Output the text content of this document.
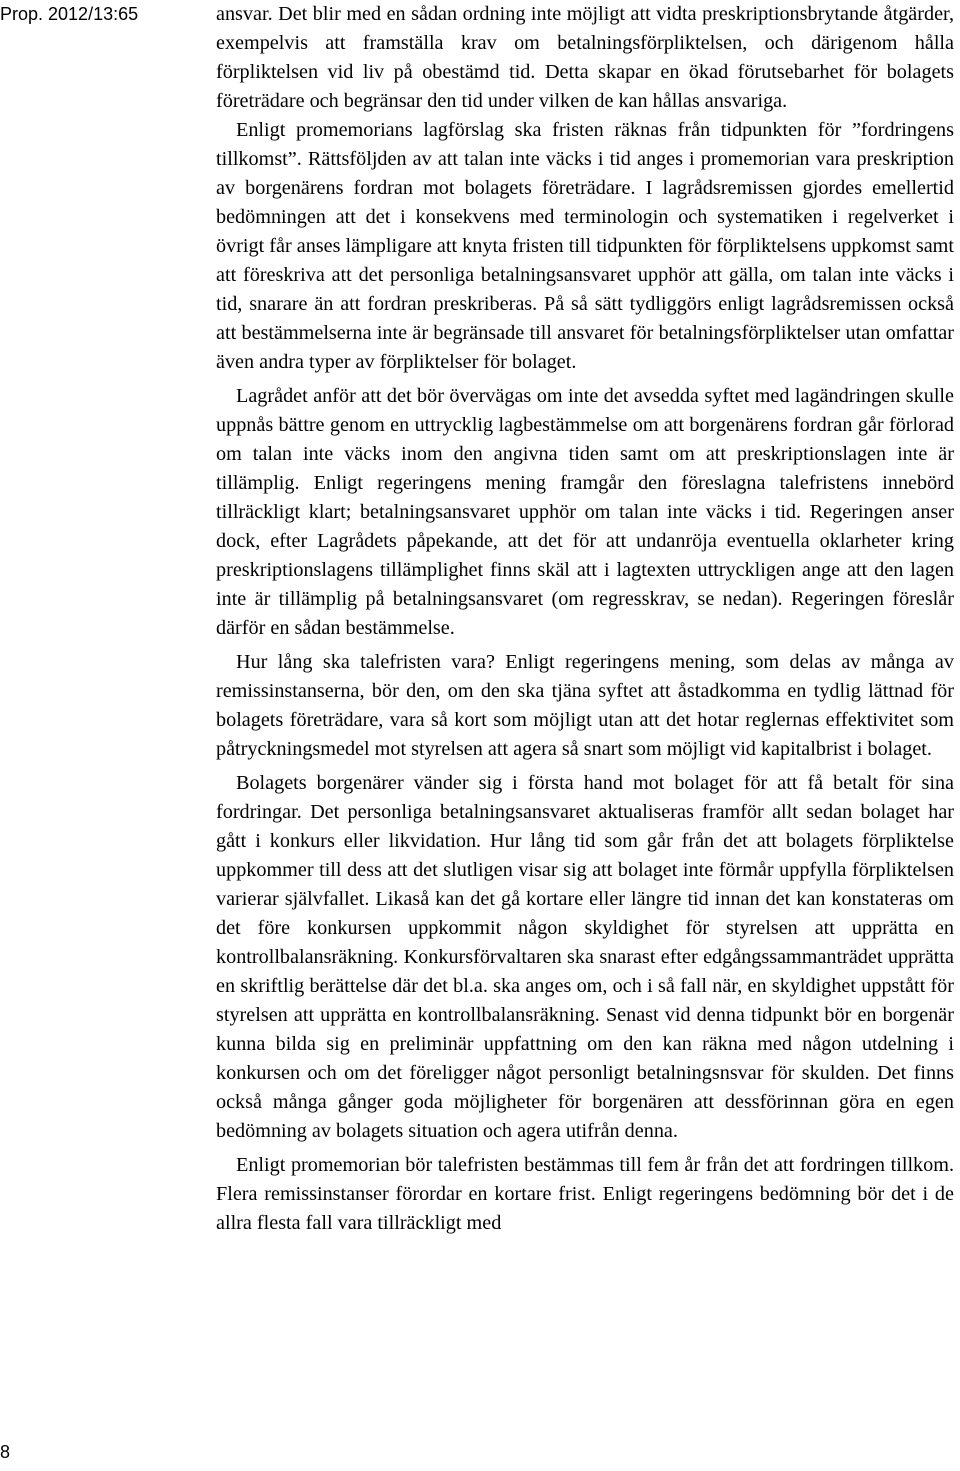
Prop. 2012/13:65	ansvar. Det blir med en sådan ordning inte möjligt att vidta preskriptionsbrytande åtgärder, exempelvis att framställa krav om betalningsförpliktelsen, och därigenom hålla förpliktelsen vid liv på obestämd tid. Detta skapar en ökad förutsebarhet för bolagets företrädare och begränsar den tid under vilken de kan hållas ansvariga.

Enligt promemorians lagförslag ska fristen räknas från tidpunkten för ”fordringens tillkomst”. Rättsföljden av att talan inte väcks i tid anges i promemorian vara preskription av borgenärens fordran mot bolagets företrädare. I lagrådsremissen gjordes emellertid bedömningen att det i konsekvens med terminologin och systematiken i regelverket i övrigt får anses lämpligare att knyta fristen till tidpunkten för förpliktelsens uppkomst samt att föreskriva att det personliga betalningsansvaret upphör att gälla, om talan inte väcks i tid, snarare än att fordran preskriberas. På så sätt tydliggörs enligt lagrådsremissen också att bestämmelserna inte är begränsade till ansvaret för betalningsförpliktelser utan omfattar även andra typer av förpliktelser för bolaget.

Lagrådet anför att det bör övervägas om inte det avsedda syftet med lagändringen skulle uppnås bättre genom en uttrycklig lagbestämmelse om att borgenärens fordran går förlorad om talan inte väcks inom den angivna tiden samt om att preskriptionslagen inte är tillämplig. Enligt regeringens mening framgår den föreslagna talefristens innebörd tillräckligt klart; betalningsansvaret upphör om talan inte väcks i tid. Regeringen anser dock, efter Lagrådets påpekande, att det för att undanröja eventuella oklarheter kring preskriptionslagens tillämplighet finns skäl att i lagtexten uttryckligen ange att den lagen inte är tillämplig på betalningsansvaret (om regresskrav, se nedan). Regeringen föreslår därför en sådan bestämmelse.

Hur lång ska talefristen vara? Enligt regeringens mening, som delas av många av remissinstanserna, bör den, om den ska tjäna syftet att åstadkomma en tydlig lättnad för bolagets företrädare, vara så kort som möjligt utan att det hotar reglernas effektivitet som påtryckningsmedel mot styrelsen att agera så snart som möjligt vid kapitalbrist i bolaget.

Bolagets borgenärer vänder sig i första hand mot bolaget för att få betalt för sina fordringar. Det personliga betalningsansvaret aktualiseras framför allt sedan bolaget har gått i konkurs eller likvidation. Hur lång tid som går från det att bolagets förpliktelse uppkommer till dess att det slutligen visar sig att bolaget inte förmår uppfylla förpliktelsen varierar självfallet. Likaså kan det gå kortare eller längre tid innan det kan konstateras om det före konkursen uppkommit någon skyldighet för styrelsen att upprätta en kontrollbalansräkning. Konkursförvaltaren ska snarast efter edgångssammanträdet upprätta en skriftlig berättelse där det bl.a. ska anges om, och i så fall när, en skyldighet uppstått för styrelsen att upprätta en kontrollbalansräkning. Senast vid denna tidpunkt bör en borgenär kunna bilda sig en preliminär uppfattning om den kan räkna med någon utdelning i konkursen och om det föreligger något personligt betalningsnsvar för skulden. Det finns också många gånger goda möjligheter för borgenären att dessförinnan göra en egen bedömning av bolagets situation och agera utifrån denna.

Enligt promemorian bör talefristen bestämmas till fem år från det att fordringen tillkom. Flera remissinstanser förordar en kortare frist. Enligt regeringens bedömning bör det i de allra flesta fall vara tillräckligt med

8
